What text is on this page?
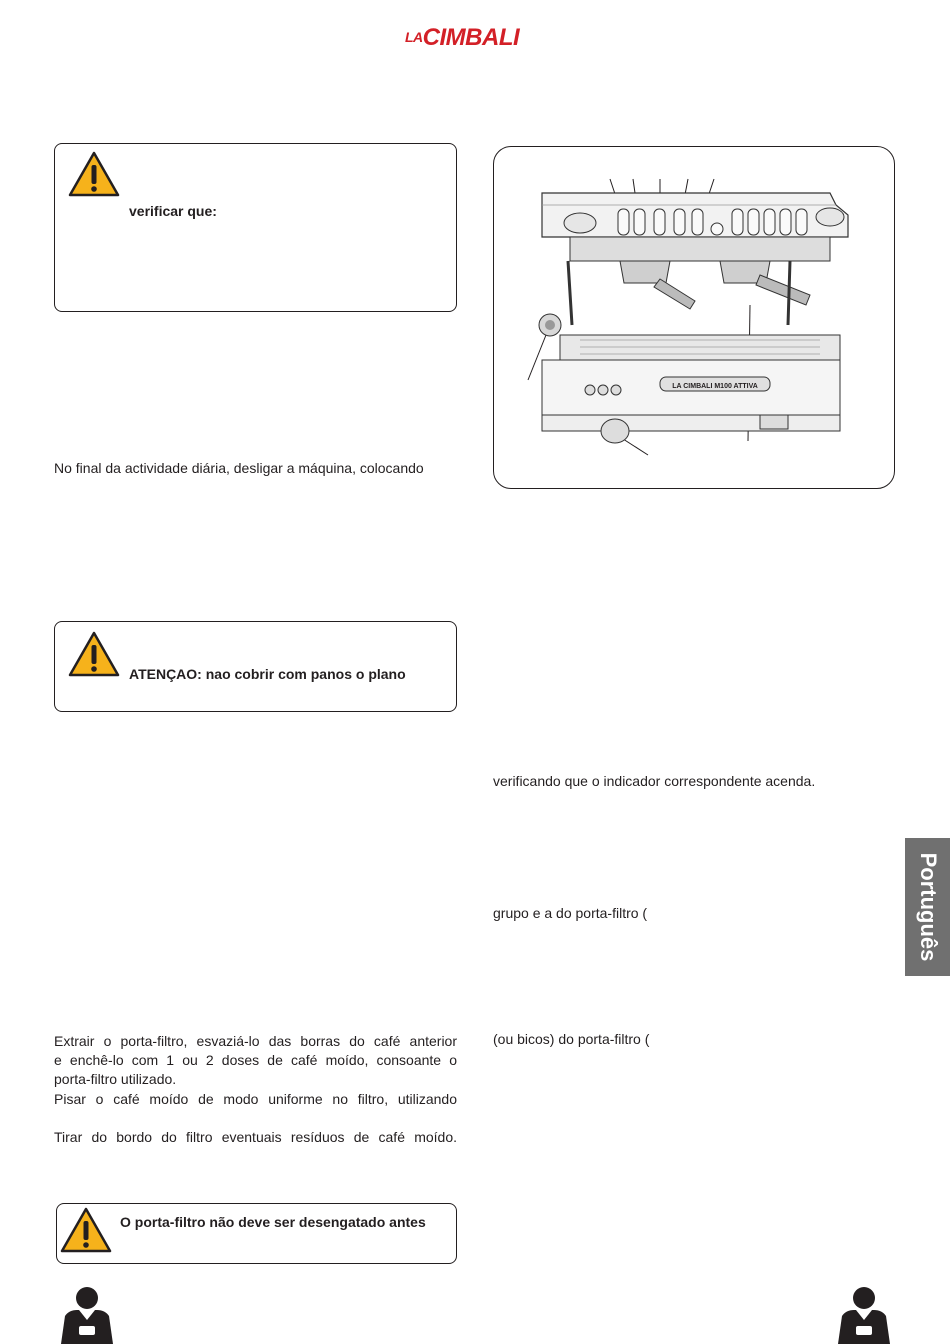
LACIMBALI
verificar que:
No final da actividade diária, desligar a máquina, colocando
ATENÇAO: nao cobrir com panos o plano
Extrair o porta-filtro, esvaziá-lo das borras do café anterior
e enchê-lo com 1 ou 2 doses de café moído, consoante o
porta-filtro utilizado.
Pisar o café moído de modo uniforme no filtro, utilizando
Tirar do bordo do filtro eventuais resíduos de café moído.
O porta-filtro não deve ser desengatado antes
LA CIMBALI M100 ATTIVA
verificando que o indicador correspondente acenda.
grupo e a do porta-filtro (
(ou bicos) do porta-filtro (
Português
